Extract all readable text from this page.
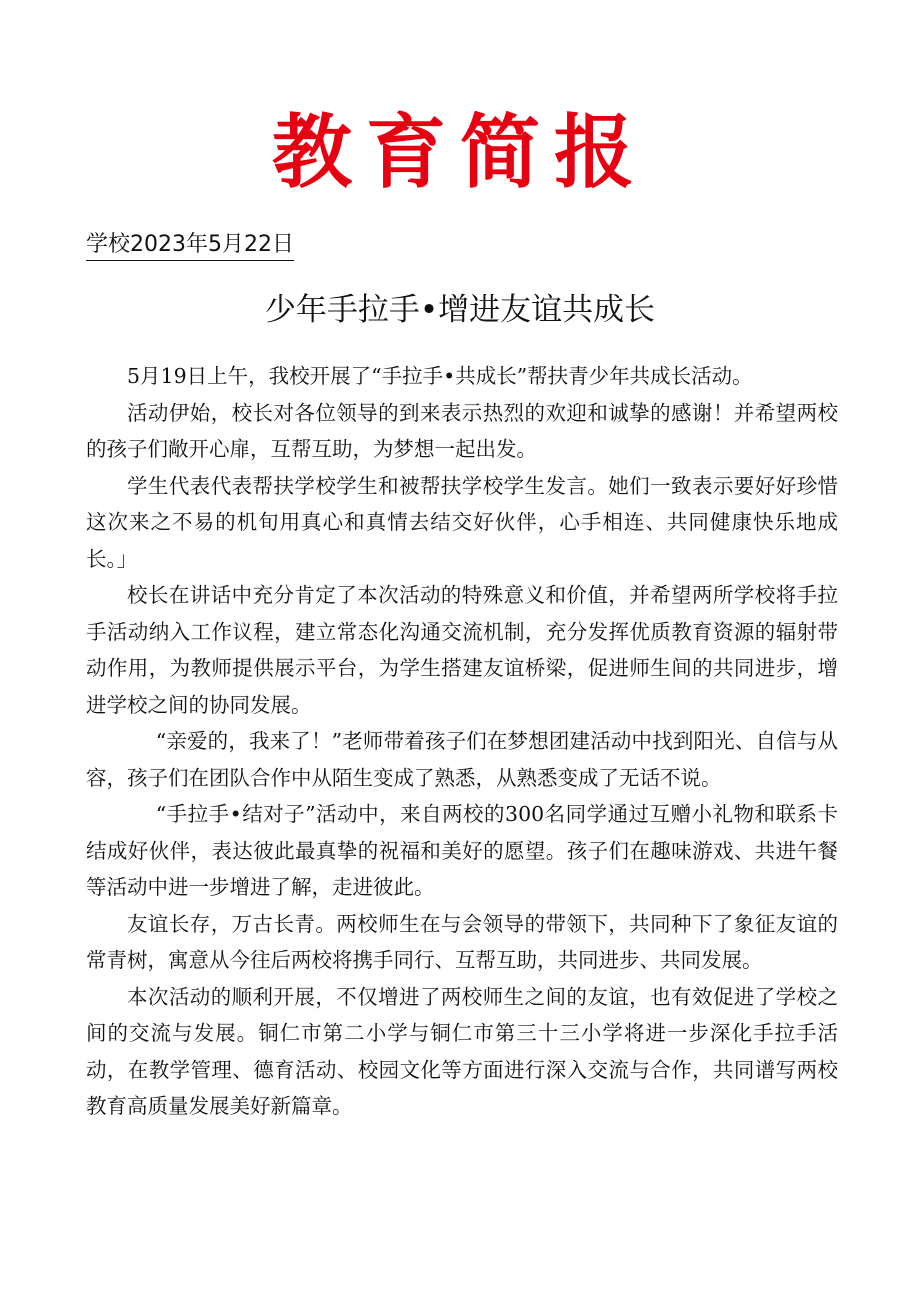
教育简报
学校2023年5月22日
少年手拉手•增进友谊共成长

5月19日上午，我校开展了“手拉手•共成长”帮扶青少年共成长活动。

活动伊始，校长对各位领导的到来表示热烈的欢迎和诚挚的感谢！并希望两校的孩子们敞开心扉，互帮互助，为梦想一起出发。

学生代表代表帮扶学校学生和被帮扶学校学生发言。她们一致表示要好好珍惜这次来之不易的机旬用真心和真情去结交好伙伴，心手相连、共同健康快乐地成长。」

校长在讲话中充分肯定了本次活动的特殊意义和价值，并希望两所学校将手拉手活动纳入工作议程，建立常态化沟通交流机制，充分发挥优质教育资源的辐射带动作用，为教师提供展示平台，为学生搭建友谊桥梁，促进师生间的共同进步，增进学校之间的协同发展。

“亲爱的，我来了！”老师带着孩子们在梦想团建活动中找到阳光、自信与从容，孩子们在团队合作中从陌生变成了熟悉，从熟悉变成了无话不说。

“手拉手•结对子”活动中，来自两校的300名同学通过互赠小礼物和联系卡结成好伙伴，表达彼此最真挚的祝福和美好的愿望。孩子们在趣味游戏、共进午餐等活动中进一步增进了解，走进彼此。

友谊长存，万古长青。两校师生在与会领导的带领下，共同种下了象征友谊的常青树，寓意从今往后两校将携手同行、互帮互助，共同进步、共同发展。

本次活动的顺利开展，不仅增进了两校师生之间的友谊，也有效促进了学校之间的交流与发展。铜仁市第二小学与铜仁市第三十三小学将进一步深化手拉手活动，在教学管理、德育活动、校园文化等方面进行深入交流与合作，共同谱写两校教育高质量发展美好新篇章。
